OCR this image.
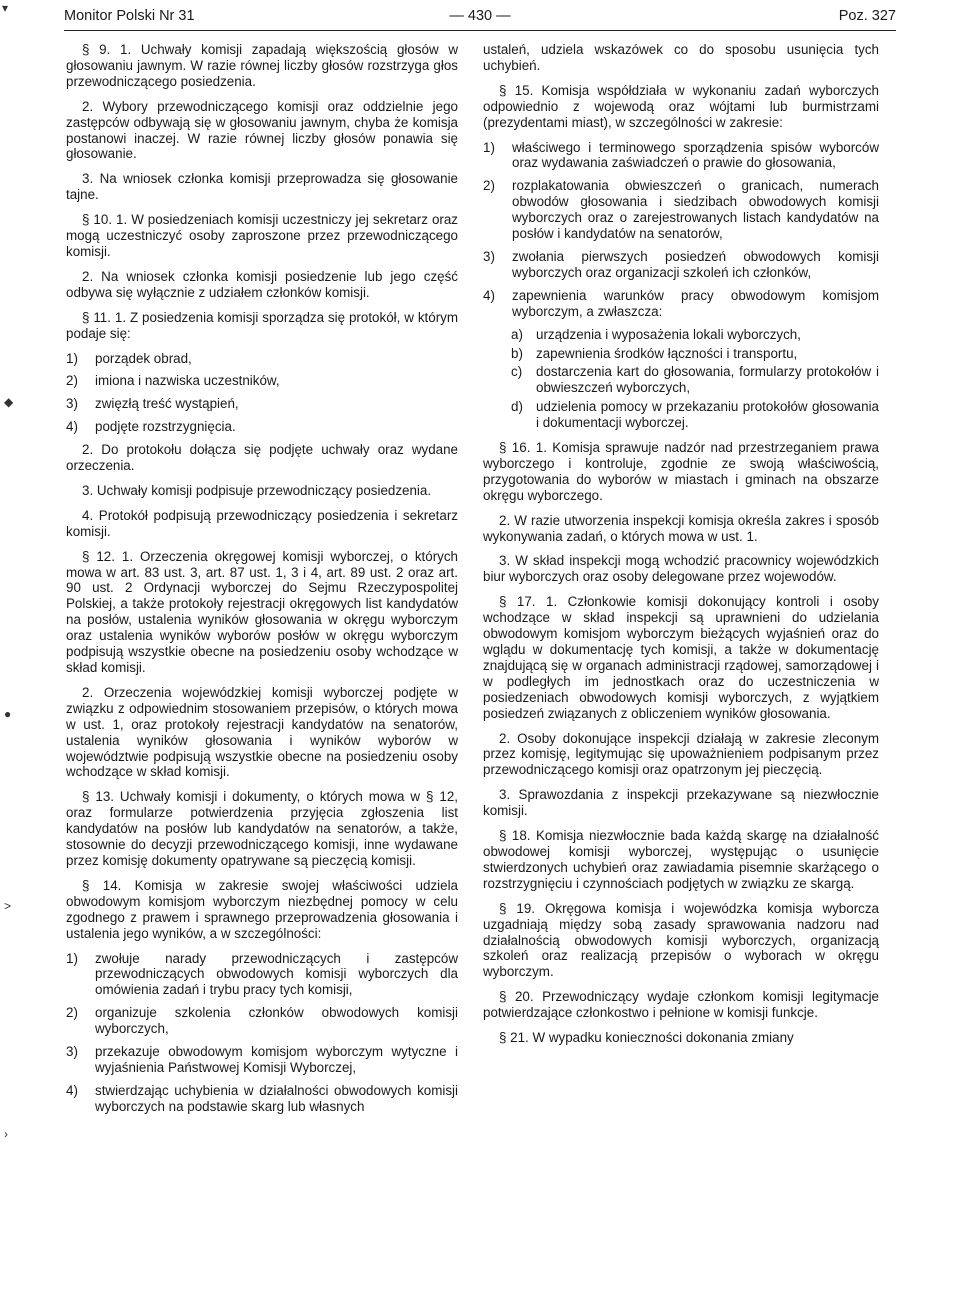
Monitor Polski Nr 31	— 430 —	Poz. 327
▾
◆
●
>
›

§ 9. 1. Uchwały komisji zapadają większością głosów w głosowaniu jawnym. W razie równej liczby głosów rozstrzyga głos przewodniczącego posiedzenia.

2. Wybory przewodniczącego komisji oraz oddzielnie jego zastępców odbywają się w głosowaniu jawnym, chyba że komisja postanowi inaczej. W razie równej liczby głosów ponawia się głosowanie.

3. Na wniosek członka komisji przeprowadza się głosowanie tajne.

§ 10. 1. W posiedzeniach komisji uczestniczy jej sekretarz oraz mogą uczestniczyć osoby zaproszone przez przewodniczącego komisji.

2. Na wniosek członka komisji posiedzenie lub jego część odbywa się wyłącznie z udziałem członków komisji.

§ 11. 1. Z posiedzenia komisji sporządza się protokół, w którym podaje się:

1)	porządek obrad,
2)	imiona i nazwiska uczestników,
3)	zwięzłą treść wystąpień,
4)	podjęte rozstrzygnięcia.

2. Do protokołu dołącza się podjęte uchwały oraz wydane orzeczenia.

3. Uchwały komisji podpisuje przewodniczący posiedzenia.

4. Protokół podpisują przewodniczący posiedzenia i sekretarz komisji.

§ 12. 1. Orzeczenia okręgowej komisji wyborczej, o których mowa w art. 83 ust. 3, art. 87 ust. 1, 3 i 4, art. 89 ust. 2 oraz art. 90 ust. 2 Ordynacji wyborczej do Sejmu Rzeczypospolitej Polskiej, a także protokoły rejestracji okręgowych list kandydatów na posłów, ustalenia wyników głosowania w okręgu wyborczym oraz ustalenia wyników wyborów posłów w okręgu wyborczym podpisują wszystkie obecne na posiedzeniu osoby wchodzące w skład komisji.

2. Orzeczenia wojewódzkiej komisji wyborczej podjęte w związku z odpowiednim stosowaniem przepisów, o których mowa w ust. 1, oraz protokoły rejestracji kandydatów na senatorów, ustalenia wyników głosowania i wyników wyborów w województwie podpisują wszystkie obecne na posiedzeniu osoby wchodzące w skład komisji.

§ 13. Uchwały komisji i dokumenty, o których mowa w § 12, oraz formularze potwierdzenia przyjęcia zgłoszenia list kandydatów na posłów lub kandydatów na senatorów, a także, stosownie do decyzji przewodniczącego komisji, inne wydawane przez komisję dokumenty opatrywane są pieczęcią komisji.

§ 14. Komisja w zakresie swojej właściwości udziela obwodowym komisjom wyborczym niezbędnej pomocy w celu zgodnego z prawem i sprawnego przeprowadzenia głosowania i ustalenia jego wyników, a w szczególności:

1)	zwołuje narady przewodniczących i zastępców przewodniczących obwodowych komisji wyborczych dla omówienia zadań i trybu pracy tych komisji,
2)	organizuje szkolenia członków obwodowych komisji wyborczych,
3)	przekazuje obwodowym komisjom wyborczym wytyczne i wyjaśnienia Państwowej Komisji Wyborczej,
4)	stwierdzając uchybienia w działalności obwodowych komisji wyborczych na podstawie skarg lub własnych

ustaleń, udziela wskazówek co do sposobu usunięcia tych uchybień.

§ 15. Komisja współdziała w wykonaniu zadań wyborczych odpowiednio z wojewodą oraz wójtami lub burmistrzami (prezydentami miast), w szczególności w zakresie:

1)	właściwego i terminowego sporządzenia spisów wyborców oraz wydawania zaświadczeń o prawie do głosowania,
2)	rozplakatowania obwieszczeń o granicach, numerach obwodów głosowania i siedzibach obwodowych komisji wyborczych oraz o zarejestrowanych listach kandydatów na posłów i kandydatów na senatorów,
3)	zwołania pierwszych posiedzeń obwodowych komisji wyborczych oraz organizacji szkoleń ich członków,
4)	zapewnienia warunków pracy obwodowym komisjom wyborczym, a zwłaszcza:
a) urządzenia i wyposażenia lokali wyborczych,
b) zapewnienia środków łączności i transportu,
c)	dostarczenia kart do głosowania, formularzy protokołów i obwieszczeń wyborczych,
d) udzielenia pomocy w przekazaniu protokołów głosowania i dokumentacji wyborczej.

§ 16. 1. Komisja sprawuje nadzór nad przestrzeganiem prawa wyborczego i kontroluje, zgodnie ze swoją właściwością, przygotowania do wyborów w miastach i gminach na obszarze okręgu wyborczego.

2. W razie utworzenia inspekcji komisja określa zakres i sposób wykonywania zadań, o których mowa w ust. 1.

3. W skład inspekcji mogą wchodzić pracownicy wojewódzkich biur wyborczych oraz osoby delegowane przez wojewodów.

§ 17. 1. Członkowie komisji dokonujący kontroli i osoby wchodzące w skład inspekcji są uprawnieni do udzielania obwodowym komisjom wyborczym bieżących wyjaśnień oraz do wglądu w dokumentację tych komisji, a także w dokumentację znajdującą się w organach administracji rządowej, samorządowej i w podległych im jednostkach oraz do uczestniczenia w posiedzeniach obwodowych komisji wyborczych, z wyjątkiem posiedzeń związanych z obliczeniem wyników głosowania.

2. Osoby dokonujące inspekcji działają w zakresie zleconym przez komisję, legitymując się upoważnieniem podpisanym przez przewodniczącego komisji oraz opatrzonym jej pieczęcią.

3. Sprawozdania z inspekcji przekazywane są niezwłocznie komisji.

§ 18. Komisja niezwłocznie bada każdą skargę na działalność obwodowej komisji wyborczej, występując o usunięcie stwierdzonych uchybień oraz zawiadamia pisemnie skarżącego o rozstrzygnięciu i czynnościach podjętych w związku ze skargą.

§ 19. Okręgowa komisja i wojewódzka komisja wyborcza uzgadniają między sobą zasady sprawowania nadzoru nad działalnością obwodowych komisji wyborczych, organizacją szkoleń oraz realizacją przepisów o wyborach w okręgu wyborczym.

§ 20. Przewodniczący wydaje członkom komisji legitymacje potwierdzające członkostwo i pełnione w komisji funkcje.

§ 21. W wypadku konieczności dokonania zmiany
